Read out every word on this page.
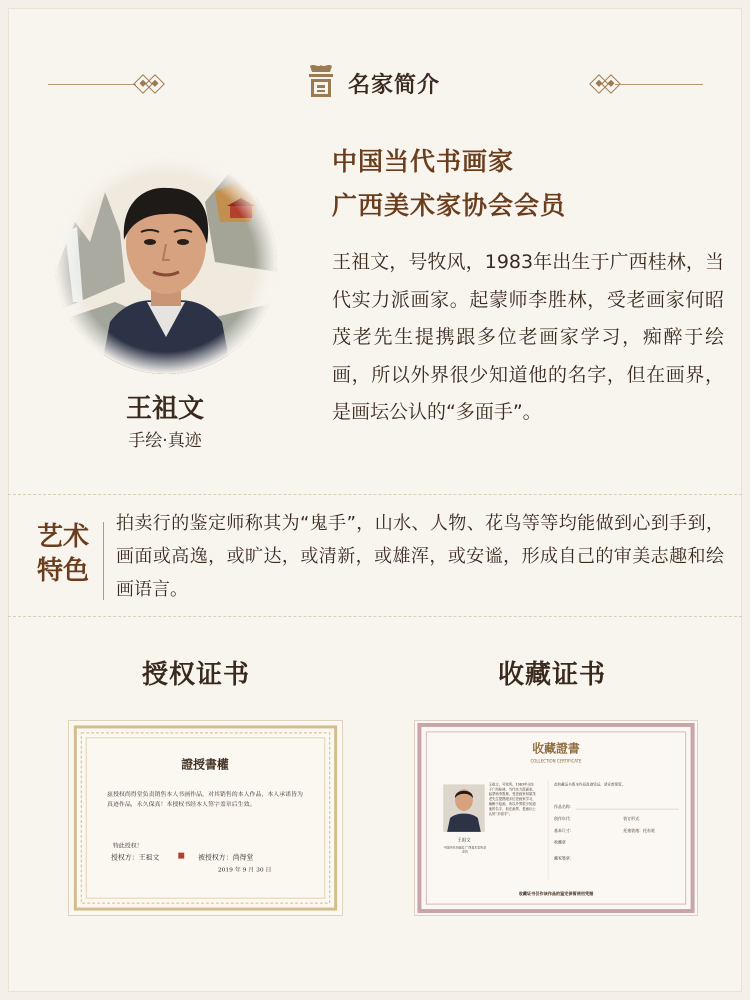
名家简介
王祖文
手绘·真迹
中国当代书画家
广西美术家协会会员
王祖文，号牧风，1983年出生于广西桂林，当代实力派画家。起蒙师李胜林，受老画家何昭茂老先生提携跟多位老画家学习，痴醉于绘画，所以外界很少知道他的名字，但在画界，是画坛公认的“多面手”。
艺术
特色
拍卖行的鉴定师称其为“鬼手”，山水、人物、花鸟等等均能做到心到手到，画面或高逸，或旷达，或清新，或雄浑，或安谧，形成自己的审美志趣和绘画语言。
授权证书	收藏证书
證授書權
兹授权尚得堂负责销售本人书画作品，对其销售的本人作品，本人承诺皆为真迹作品，永久保真！本授权书经本人签字盖章后生效。
特此授权！
授权方：王祖文	被授权方：尚得堂
2019 年 9 月 30 日
收藏證書
COLLECTION CERTIFICATE
王祖文
中国当代书画家 广西美术家协会会员
王祖文，号牧风，1983年出生于广西桂林，当代实力派画家。起蒙师李胜林，受老画家何昭茂老先生提携跟多位老画家学习，痴醉于绘画，所以外界很少知道他的名字，但在画界，是画坛公认的“多面手”。
此收藏证书系本作品真迹凭证，请妥善保管。
作品名称：
创作年代：	装订形式：
基本尺寸：	托裱装裱：托布装
收藏章
藏家签章：
收藏证书仅作该作品的鉴定保管使用凭据
